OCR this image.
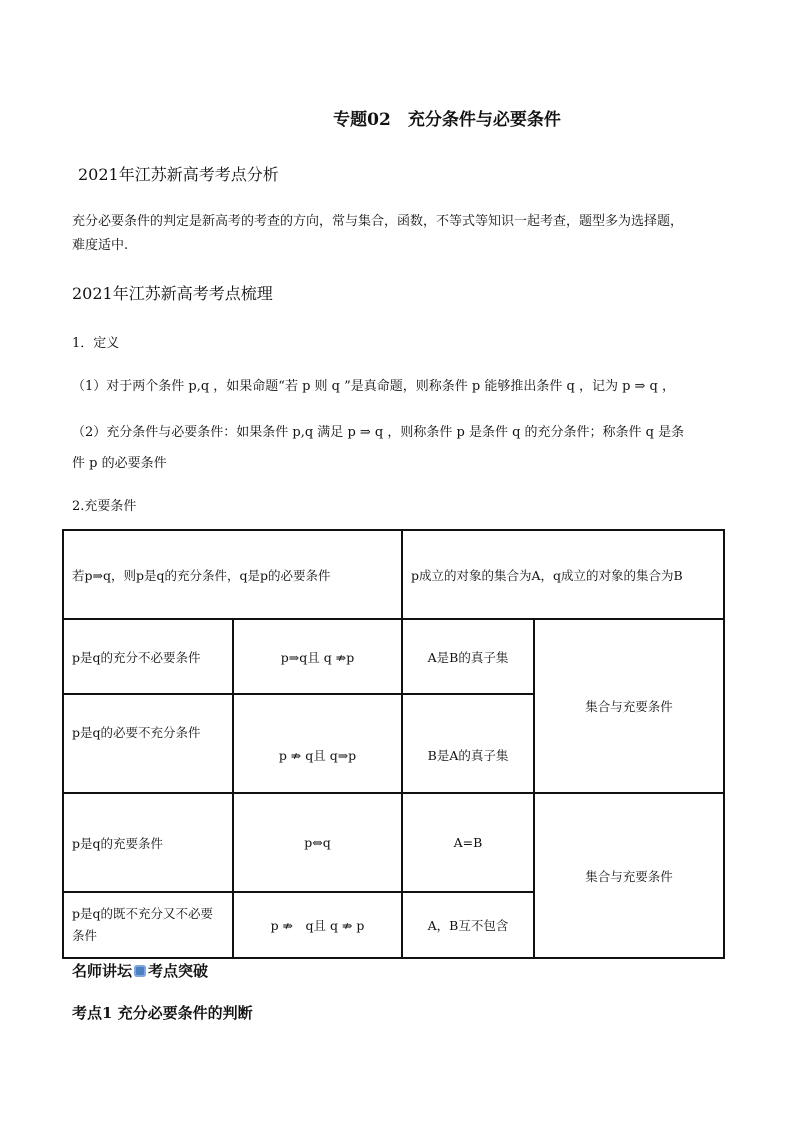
专题02　充分条件与必要条件
2021年江苏新高考考点分析
充分必要条件的判定是新高考的考查的方向，常与集合，函数，不等式等知识一起考查，题型多为选择题，
难度适中.
2021年江苏新高考考点梳理
1．定义
（1）对于两个条件 p,q ，如果命题“若 p 则 q ”是真命题，则称条件 p 能够推出条件 q ，记为 p ⇒ q ，
（2）充分条件与必要条件：如果条件 p,q 满足 p ⇒ q ，则称条件 p 是条件 q 的充分条件；称条件 q 是条
件 p 的必要条件
2.充要条件
若p⇒q，则p是q的充分条件，q是p的必要条件		p成立的对象的集合为A，q成立的对象的集合为B	
p是q的充分不必要条件	p⇒q且 q ⇏p	A是B的真子集	集合与充要条件
p是q的必要不充分条件	p ⇏ q且 q⇒p	B是A的真子集	
p是q的充要条件	p⇔q	A=B	集合与充要条件
p是q的既不充分又不必要条件	p ⇏　q且 q ⇏ p	A，B互不包含	
名师讲坛 考点突破
考点1 充分必要条件的判断
